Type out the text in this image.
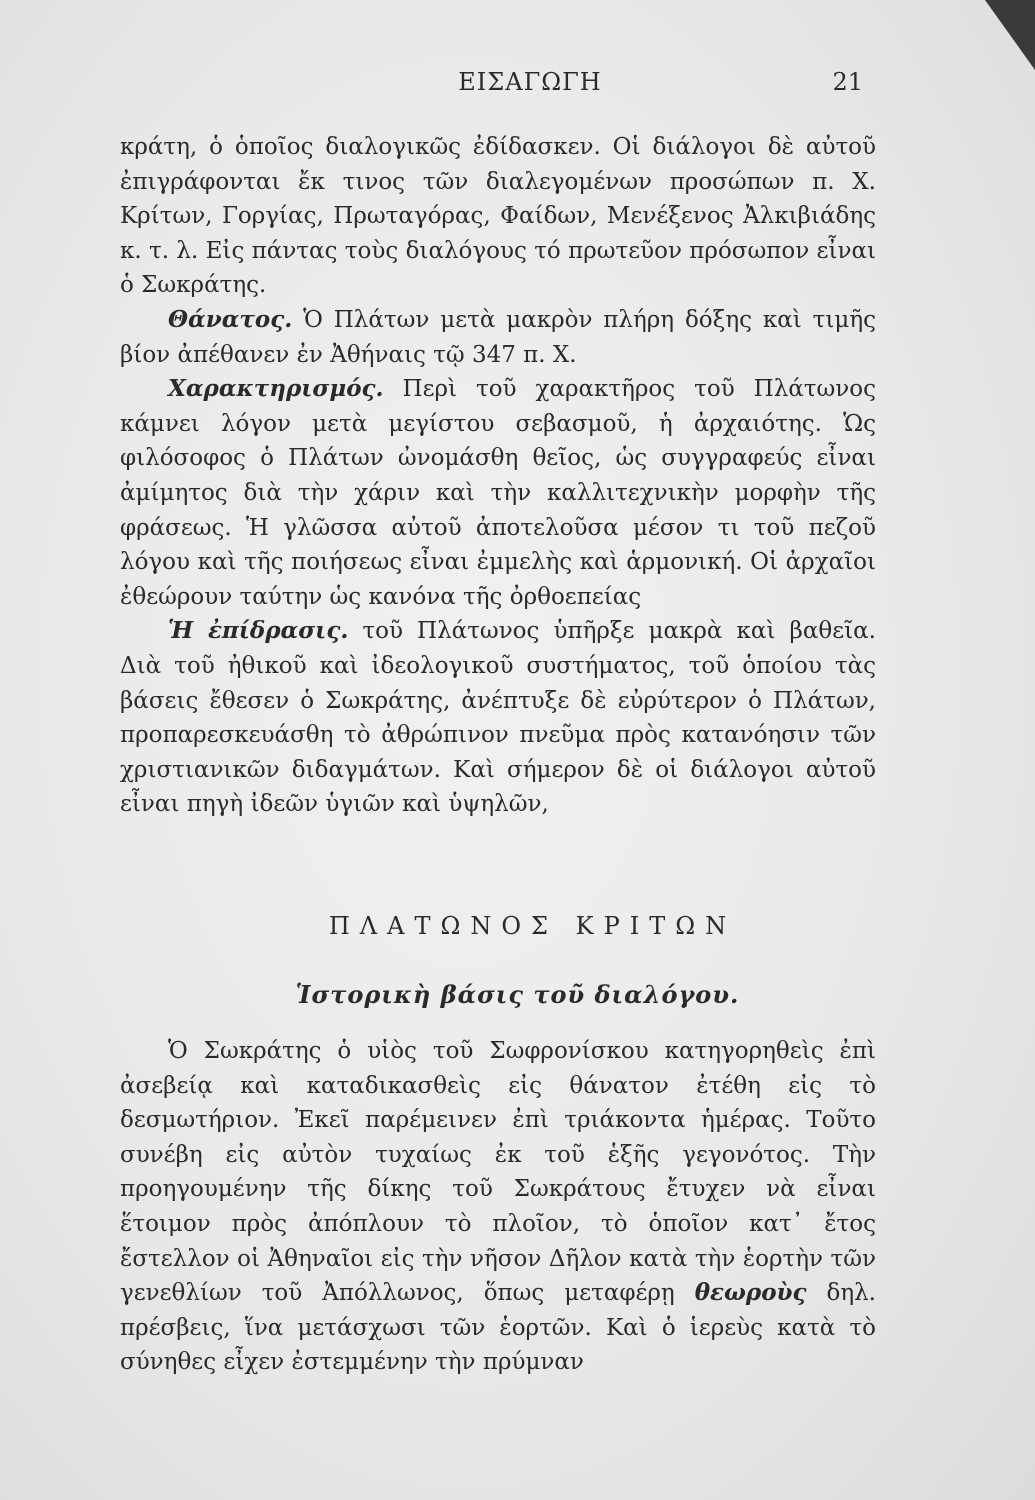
ΕΙΣΑΓΩΓΗ	21

κράτη, ὁ ὁποῖος διαλογικῶς ἐδίδασκεν. Οἱ διάλογοι δὲ αὐτοῦ ἐπιγράφονται ἔκ τινος τῶν διαλεγομένων προσώπων π. Χ. Κρίτων, Γοργίας, Πρωταγόρας, Φαίδων, Μενέξενος Ἀλκιβιάδης κ. τ. λ. Εἰς πάντας τοὺς διαλόγους τό πρωτεῦον πρόσωπον εἶναι ὁ Σωκράτης.

Θάνατος. Ὁ Πλάτων μετὰ μακρὸν πλήρη δόξης καὶ τιμῆς βίον ἀπέθανεν ἐν Ἀθήναις τῷ 347 π. Χ.

Χαρακτηρισμός. Περὶ τοῦ χαρακτῆρος τοῦ Πλάτωνος κάμνει λόγον μετὰ μεγίστου σεβασμοῦ, ἡ ἀρχαιότης. Ὡς φιλόσοφος ὁ Πλάτων ὠνομάσθη θεῖος, ὡς συγγραφεύς εἶναι ἀμίμητος διὰ τὴν χάριν καὶ τὴν καλλιτεχνικὴν μορφὴν τῆς φράσεως. Ἡ γλῶσσα αὐτοῦ ἀποτελοῦσα μέσον τι τοῦ πεζοῦ λόγου καὶ τῆς ποιήσεως εἶναι ἐμμελὴς καὶ ἁρμονική. Οἱ ἀρχαῖοι ἐθεώρουν ταύτην ὡς κανόνα τῆς ὀρθοεπείας

Ἡ ἐπίδρασις. τοῦ Πλάτωνος ὑπῆρξε μακρὰ καὶ βαθεῖα. Διὰ τοῦ ἠθικοῦ καὶ ἰδεολογικοῦ συστήματος, τοῦ ὁποίου τὰς βάσεις ἔθεσεν ὁ Σωκράτης, ἀνέπτυξε δὲ εὐρύτερον ὁ Πλάτων, προπαρεσκευάσθη τὸ ἀθρώπινον πνεῦμα πρὸς κατανόησιν τῶν χριστιανικῶν διδαγμάτων. Καὶ σήμερον δὲ οἱ διάλογοι αὐτοῦ εἶναι πηγὴ ἰδεῶν ὑγιῶν καὶ ὑψηλῶν,

ΠΛΑΤΩΝΟΣ ΚΡΙΤΩΝ
Ἱστορικὴ βάσις τοῦ διαλόγου.

Ὁ Σωκράτης ὁ υἱὸς τοῦ Σωφρονίσκου κατηγορηθεὶς ἐπὶ ἀσεβείᾳ καὶ καταδικασθεὶς εἰς θάνατον ἐτέθη εἰς τὸ δεσμωτήριον. Ἐκεῖ παρέμεινεν ἐπὶ τριάκοντα ἡμέρας. Τοῦτο συνέβη εἰς αὐτὸν τυχαίως ἐκ τοῦ ἑξῆς γεγονότος. Τὴν προηγουμένην τῆς δίκης τοῦ Σωκράτους ἔτυχεν νὰ εἶναι ἕτοιμον πρὸς ἀπόπλουν τὸ πλοῖον, τὸ ὁποῖον κατ᾽ ἔτος ἔστελλον οἱ Ἀθηναῖοι εἰς τὴν νῆσον Δῆλον κατὰ τὴν ἑορτὴν τῶν γενεθλίων τοῦ Ἀπόλλωνος, ὅπως μεταφέρῃ θεωροὺς δηλ. πρέσβεις, ἵνα μετάσχωσι τῶν ἑορτῶν. Καὶ ὁ ἱερεὺς κατὰ τὸ σύνηθες εἶχεν ἐστεμμένην τὴν πρύμναν
